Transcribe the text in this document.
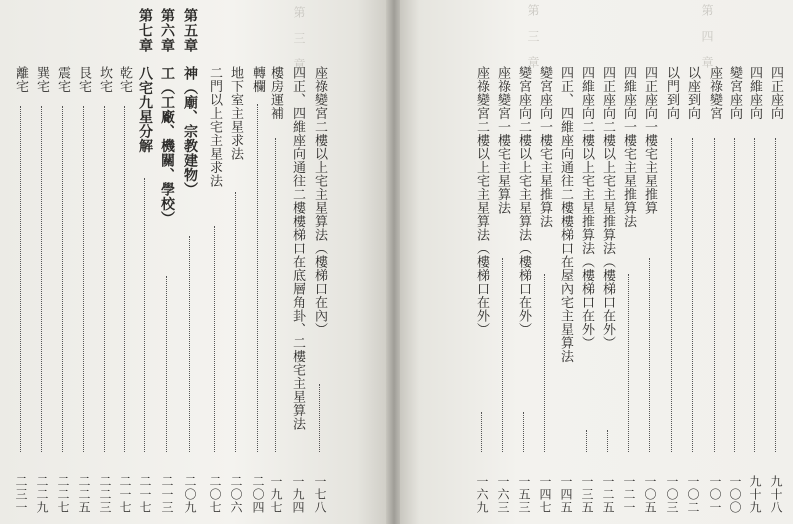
第 三 章
第五章
第六章
第七章
座祿變宮二樓以上宅主星算法（樓梯口在內）
一七八
四正、四維座向通往二樓樓梯口在底層角卦、二樓宅主星算法
一九四
樓房運補
一九七
轉欄
二〇四
地下室主星求法
二〇六
二門以上宅主星求法
二〇七
神（廟、宗教建物）
二〇九
工（工廠、機關、學校）
二一三
八宅九星分解
二一七
乾宅
二一七
坎宅
二二三
艮宅
二二五
震宅
二二七
巽宅
二二九
離宅
二三一
第 三 章	第 四 章
四正座向
九十八
四維座向
九十九
變宮座向
一〇〇
座祿變宮
一〇一
以座到向
一〇二
以門到向
一〇三
四正座向一樓宅主星推算
一〇五
四維座向一樓宅主星推算法
一二一
四正座向二樓以上宅主星推算法（樓梯口在外）
一二五
四維座向二樓以上宅主星推算法（樓梯口在外）
一三五
四正、四維座向通往二樓樓梯口在屋內宅主星算法
一四五
變宮座向一樓宅主星推算法
一四七
變宮座向二樓以上宅主星算法（樓梯口在外）
一五三
座祿變宮一樓宅主星算法
一六三
座祿變宮二樓以上宅主星算法（樓梯口在外）
一六九
